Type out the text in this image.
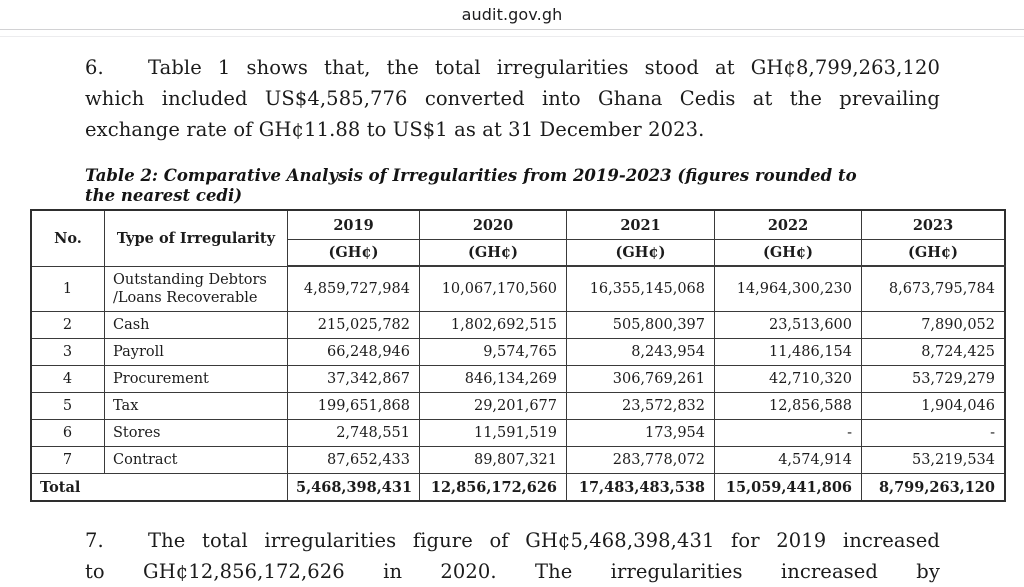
audit.gov.gh
6. Table 1 shows that, the total irregularities stood at GH¢8,799,263,120
which included US$4,585,776 converted into Ghana Cedis at the prevailing
exchange rate of GH¢11.88 to US$1 as at 31 December 2023.
Table 2: Comparative Analysis of Irregularities from 2019-2023 (figures rounded to
the nearest cedi)
No.	Type of Irregularity	2019	2020	2021	2022	2023
		(GH¢)	(GH¢)	(GH¢)	(GH¢)	(GH¢)
1	Outstanding Debtors /Loans Recoverable	4,859,727,984	10,067,170,560	16,355,145,068	14,964,300,230	8,673,795,784
2	Cash	215,025,782	1,802,692,515	505,800,397	23,513,600	7,890,052
3	Payroll	66,248,946	9,574,765	8,243,954	11,486,154	8,724,425
4	Procurement	37,342,867	846,134,269	306,769,261	42,710,320	53,729,279
5	Tax	199,651,868	29,201,677	23,572,832	12,856,588	1,904,046
6	Stores	2,748,551	11,591,519	173,954	-	-
7	Contract	87,652,433	89,807,321	283,778,072	4,574,914	53,219,534
Total		5,468,398,431	12,856,172,626	17,483,483,538	15,059,441,806	8,799,263,120
7. The total irregularities figure of GH¢5,468,398,431 for 2019 increased
to GH¢12,856,172,626 in 2020. The irregularities increased by
